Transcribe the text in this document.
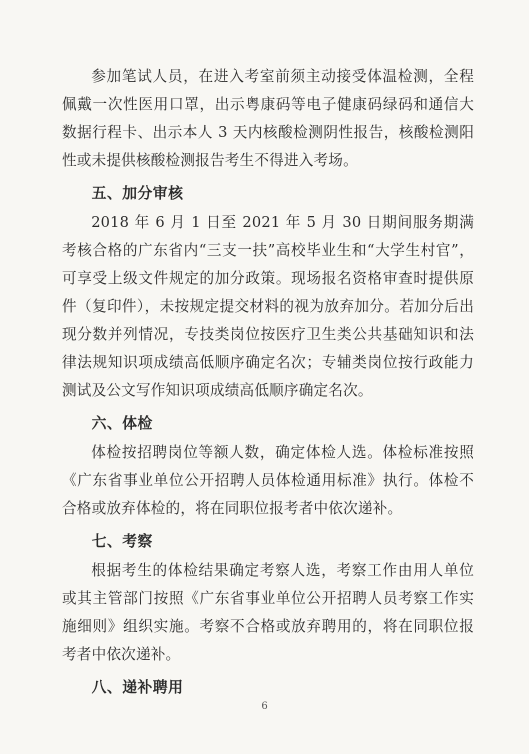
参加笔试人员，在进入考室前须主动接受体温检测，全程佩戴一次性医用口罩，出示粤康码等电子健康码绿码和通信大数据行程卡、出示本人 3 天内核酸检测阴性报告，核酸检测阳性或未提供核酸检测报告考生不得进入考场。

五、加分审核

2018 年 6 月 1 日至 2021 年 5 月 30 日期间服务期满考核合格的广东省内“三支一扶”高校毕业生和“大学生村官”，可享受上级文件规定的加分政策。现场报名资格审查时提供原件（复印件），未按规定提交材料的视为放弃加分。若加分后出现分数并列情况，专技类岗位按医疗卫生类公共基础知识和法律法规知识项成绩高低顺序确定名次；专辅类岗位按行政能力测试及公文写作知识项成绩高低顺序确定名次。

六、体检

体检按招聘岗位等额人数，确定体检人选。体检标准按照《广东省事业单位公开招聘人员体检通用标准》执行。体检不合格或放弃体检的，将在同职位报考者中依次递补。

七、考察

根据考生的体检结果确定考察人选，考察工作由用人单位或其主管部门按照《广东省事业单位公开招聘人员考察工作实施细则》组织实施。考察不合格或放弃聘用的，将在同职位报考者中依次递补。

八、递补聘用
6
